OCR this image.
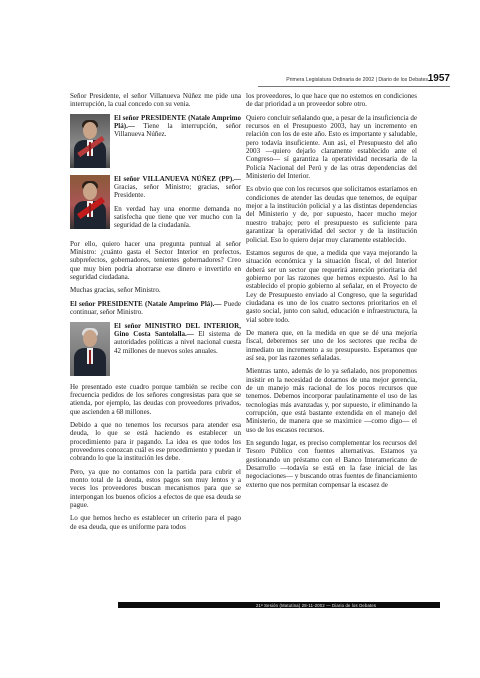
Primera Legislatura Ordinaria de 2002 | Diario de los Debates 1957

Señor Presidente, el señor Villanueva Núñez me pide una interrupción, la cual concedo con su venia.

El señor PRESIDENTE (Natale Amprimo Plá).— Tiene la interrupción, señor Villanueva Núñez.
El señor VILLANUEVA NÚÑEZ (PP).— Gracias, señor Ministro; gracias, señor Presidente.

En verdad hay una enorme demanda no satisfecha que tiene que ver mucho con la seguridad de la ciudadanía.

Por ello, quiero hacer una pregunta puntual al señor Ministro: ¿cuánto gasta el Sector Interior en prefectos, subprefectos, gobernadores, tenientes gobernadores? Creo que muy bien podría ahorrarse ese dinero e invertirlo en seguridad ciudadana.

Muchas gracias, señor Ministro.

El señor PRESIDENTE (Natale Amprimo Plá).— Puede continuar, señor Ministro.

El señor MINISTRO DEL INTERIOR, Gino Costa Santolalla.— El sistema de autoridades políticas a nivel nacional cuesta 42 millones de nuevos soles anuales.

He presentado este cuadro porque también se recibe con frecuencia pedidos de los señores congresistas para que se atienda, por ejemplo, las deudas con proveedores privados, que ascienden a 68 millones.

Debido a que no tenemos los recursos para atender esa deuda, lo que se está haciendo es establecer un procedimiento para ir pagando. La idea es que todos los proveedores conozcan cuál es ese procedimiento y puedan ir cobrando lo que la institución les debe.

Pero, ya que no contamos con la partida para cubrir el monto total de la deuda, estos pagos son muy lentos y a veces los proveedores buscan mecanismos para que se interpongan los buenos oficios a efectos de que esa deuda se pague.

Lo que hemos hecho es establecer un criterio para el pago de esa deuda, que es uniforme para todos

los proveedores, lo que hace que no estemos en condiciones de dar prioridad a un proveedor sobre otro.

Quiero concluir señalando que, a pesar de la insuficiencia de recursos en el Presupuesto 2003, hay un incremento en relación con los de este año. Esto es importante y saludable, pero todavía insuficiente. Aun así, el Presupuesto del año 2003 —quiero dejarlo claramente establecido ante el Congreso— sí garantiza la operatividad necesaria de la Policía Nacional del Perú y de las otras dependencias del Ministerio del Interior.

Es obvio que con los recursos que solicitamos estaríamos en condiciones de atender las deudas que tenemos, de equipar mejor a la institución policial y a las distintas dependencias del Ministerio y de, por supuesto, hacer mucho mejor nuestro trabajo; pero el presupuesto es suficiente para garantizar la operatividad del sector y de la institución policial. Eso lo quiero dejar muy claramente establecido.

Estamos seguros de que, a medida que vaya mejorando la situación económica y la situación fiscal, el del Interior deberá ser un sector que requerirá atención prioritaria del gobierno por las razones que hemos expuesto. Así lo ha establecido el propio gobierno al señalar, en el Proyecto de Ley de Presupuesto enviado al Congreso, que la seguridad ciudadana es uno de los cuatro sectores prioritarios en el gasto social, junto con salud, educación e infraestructura, la vial sobre todo.

De manera que, en la medida en que se dé una mejoría fiscal, deberemos ser uno de los sectores que reciba de inmediato un incremento a su presupuesto. Esperamos que así sea, por las razones señaladas.

Mientras tanto, además de lo ya señalado, nos proponemos insistir en la necesidad de dotarnos de una mejor gerencia, de un manejo más racional de los pocos recursos que tenemos. Debemos incorporar paulatinamente el uso de las tecnologías más avanzadas y, por supuesto, ir eliminando la corrupción, que está bastante extendida en el manejo del Ministerio, de manera que se maximice —como digo— el uso de los escasos recursos.

En segundo lugar, es preciso complementar los recursos del Tesoro Público con fuentes alternativas. Estamos ya gestionando un préstamo con el Banco Interamericano de Desarrollo —todavía se está en la fase inicial de las negociaciones— y buscando otras fuentes de financiamiento externo que nos permitan compensar la escasez de

21ª Sesión (Matutina) 28-11-2002 — Diario de los Debates
